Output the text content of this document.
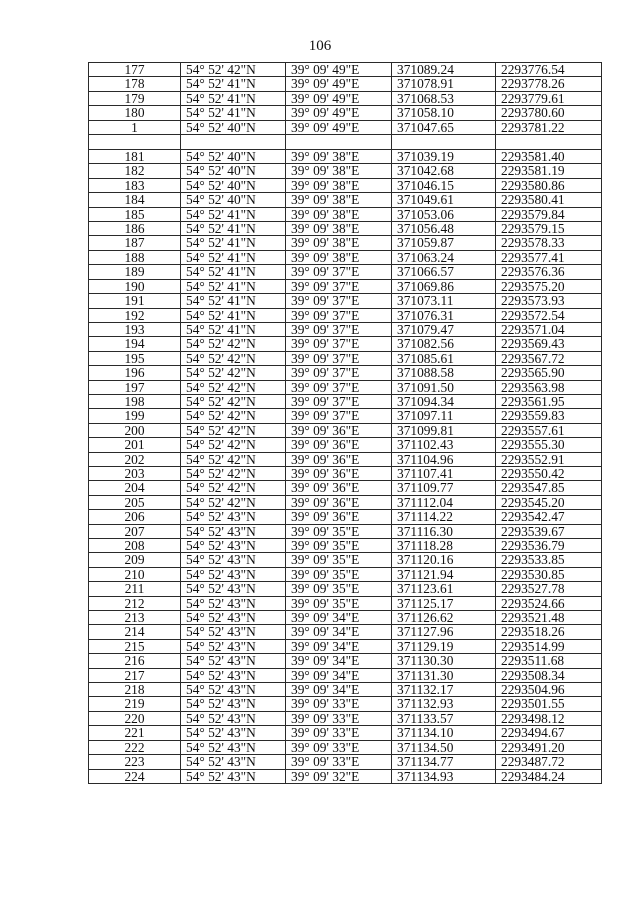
106
177	54° 52' 42"N	39° 09' 49"E	371089.24	2293776.54
178	54° 52' 41"N	39° 09' 49"E	371078.91	2293778.26
179	54° 52' 41"N	39° 09' 49"E	371068.53	2293779.61
180	54° 52' 41"N	39° 09' 49"E	371058.10	2293780.60
1	54° 52' 40"N	39° 09' 49"E	371047.65	2293781.22

181	54° 52' 40"N	39° 09' 38"E	371039.19	2293581.40
182	54° 52' 40"N	39° 09' 38"E	371042.68	2293581.19
183	54° 52' 40"N	39° 09' 38"E	371046.15	2293580.86
184	54° 52' 40"N	39° 09' 38"E	371049.61	2293580.41
185	54° 52' 41"N	39° 09' 38"E	371053.06	2293579.84
186	54° 52' 41"N	39° 09' 38"E	371056.48	2293579.15
187	54° 52' 41"N	39° 09' 38"E	371059.87	2293578.33
188	54° 52' 41"N	39° 09' 38"E	371063.24	2293577.41
189	54° 52' 41"N	39° 09' 37"E	371066.57	2293576.36
190	54° 52' 41"N	39° 09' 37"E	371069.86	2293575.20
191	54° 52' 41"N	39° 09' 37"E	371073.11	2293573.93
192	54° 52' 41"N	39° 09' 37"E	371076.31	2293572.54
193	54° 52' 41"N	39° 09' 37"E	371079.47	2293571.04
194	54° 52' 42"N	39° 09' 37"E	371082.56	2293569.43
195	54° 52' 42"N	39° 09' 37"E	371085.61	2293567.72
196	54° 52' 42"N	39° 09' 37"E	371088.58	2293565.90
197	54° 52' 42"N	39° 09' 37"E	371091.50	2293563.98
198	54° 52' 42"N	39° 09' 37"E	371094.34	2293561.95
199	54° 52' 42"N	39° 09' 37"E	371097.11	2293559.83
200	54° 52' 42"N	39° 09' 36"E	371099.81	2293557.61
201	54° 52' 42"N	39° 09' 36"E	371102.43	2293555.30
202	54° 52' 42"N	39° 09' 36"E	371104.96	2293552.91
203	54° 52' 42"N	39° 09' 36"E	371107.41	2293550.42
204	54° 52' 42"N	39° 09' 36"E	371109.77	2293547.85
205	54° 52' 42"N	39° 09' 36"E	371112.04	2293545.20
206	54° 52' 43"N	39° 09' 36"E	371114.22	2293542.47
207	54° 52' 43"N	39° 09' 35"E	371116.30	2293539.67
208	54° 52' 43"N	39° 09' 35"E	371118.28	2293536.79
209	54° 52' 43"N	39° 09' 35"E	371120.16	2293533.85
210	54° 52' 43"N	39° 09' 35"E	371121.94	2293530.85
211	54° 52' 43"N	39° 09' 35"E	371123.61	2293527.78
212	54° 52' 43"N	39° 09' 35"E	371125.17	2293524.66
213	54° 52' 43"N	39° 09' 34"E	371126.62	2293521.48
214	54° 52' 43"N	39° 09' 34"E	371127.96	2293518.26
215	54° 52' 43"N	39° 09' 34"E	371129.19	2293514.99
216	54° 52' 43"N	39° 09' 34"E	371130.30	2293511.68
217	54° 52' 43"N	39° 09' 34"E	371131.30	2293508.34
218	54° 52' 43"N	39° 09' 34"E	371132.17	2293504.96
219	54° 52' 43"N	39° 09' 33"E	371132.93	2293501.55
220	54° 52' 43"N	39° 09' 33"E	371133.57	2293498.12
221	54° 52' 43"N	39° 09' 33"E	371134.10	2293494.67
222	54° 52' 43"N	39° 09' 33"E	371134.50	2293491.20
223	54° 52' 43"N	39° 09' 33"E	371134.77	2293487.72
224	54° 52' 43"N	39° 09' 32"E	371134.93	2293484.24
